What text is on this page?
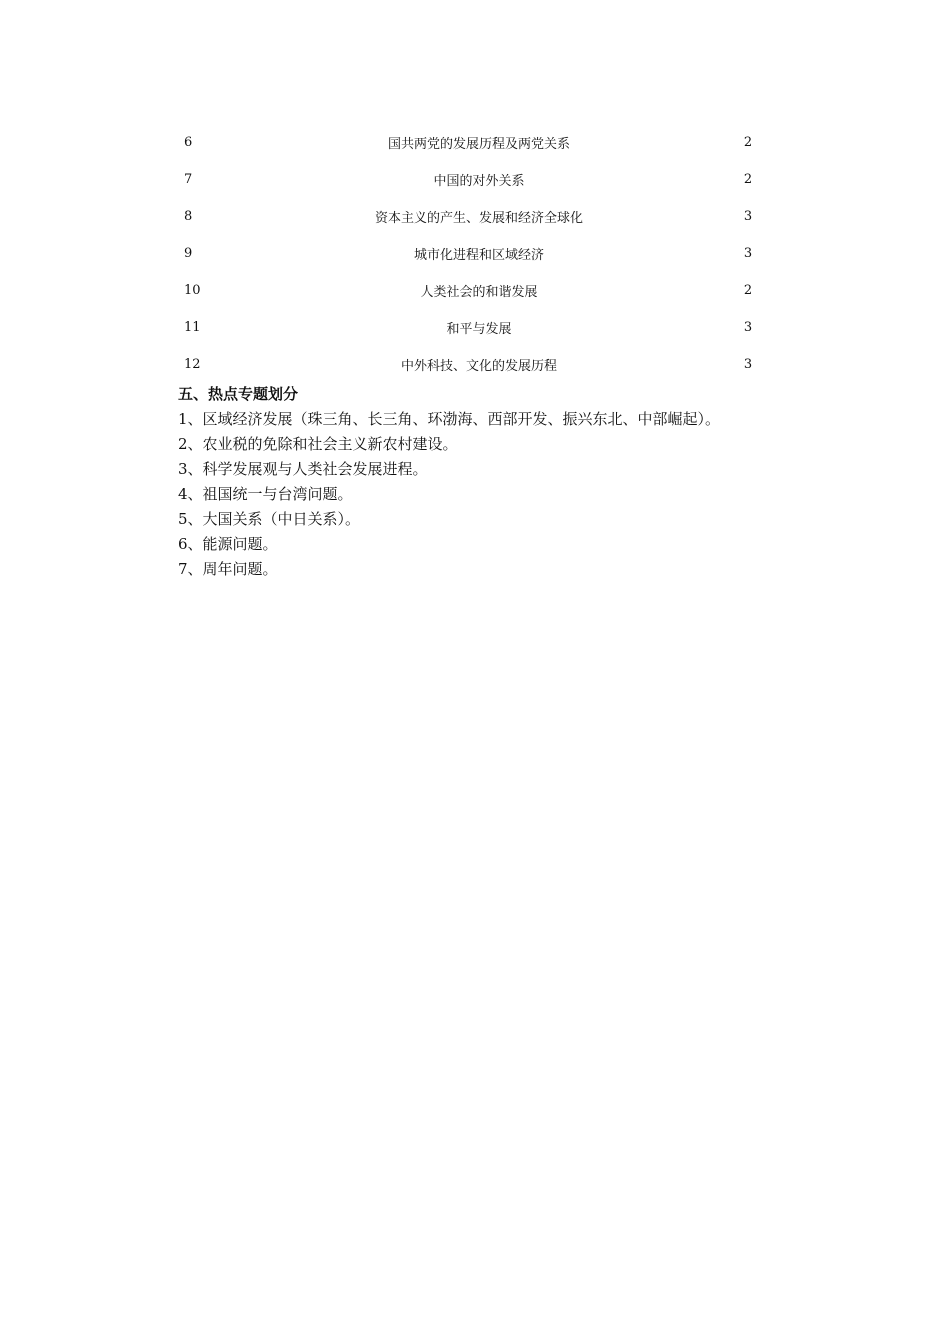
6	国共两党的发展历程及两党关系	2
7	中国的对外关系	2
8	资本主义的产生、发展和经济全球化	3
9	城市化进程和区域经济	3
10	人类社会的和谐发展	2
11	和平与发展	3
12	中外科技、文化的发展历程	3
五、热点专题划分
1、区域经济发展（珠三角、长三角、环渤海、西部开发、振兴东北、中部崛起）。
2、农业税的免除和社会主义新农村建设。
3、科学发展观与人类社会发展进程。
4、祖国统一与台湾问题。
5、大国关系（中日关系）。
6、能源问题。
7、周年问题。
